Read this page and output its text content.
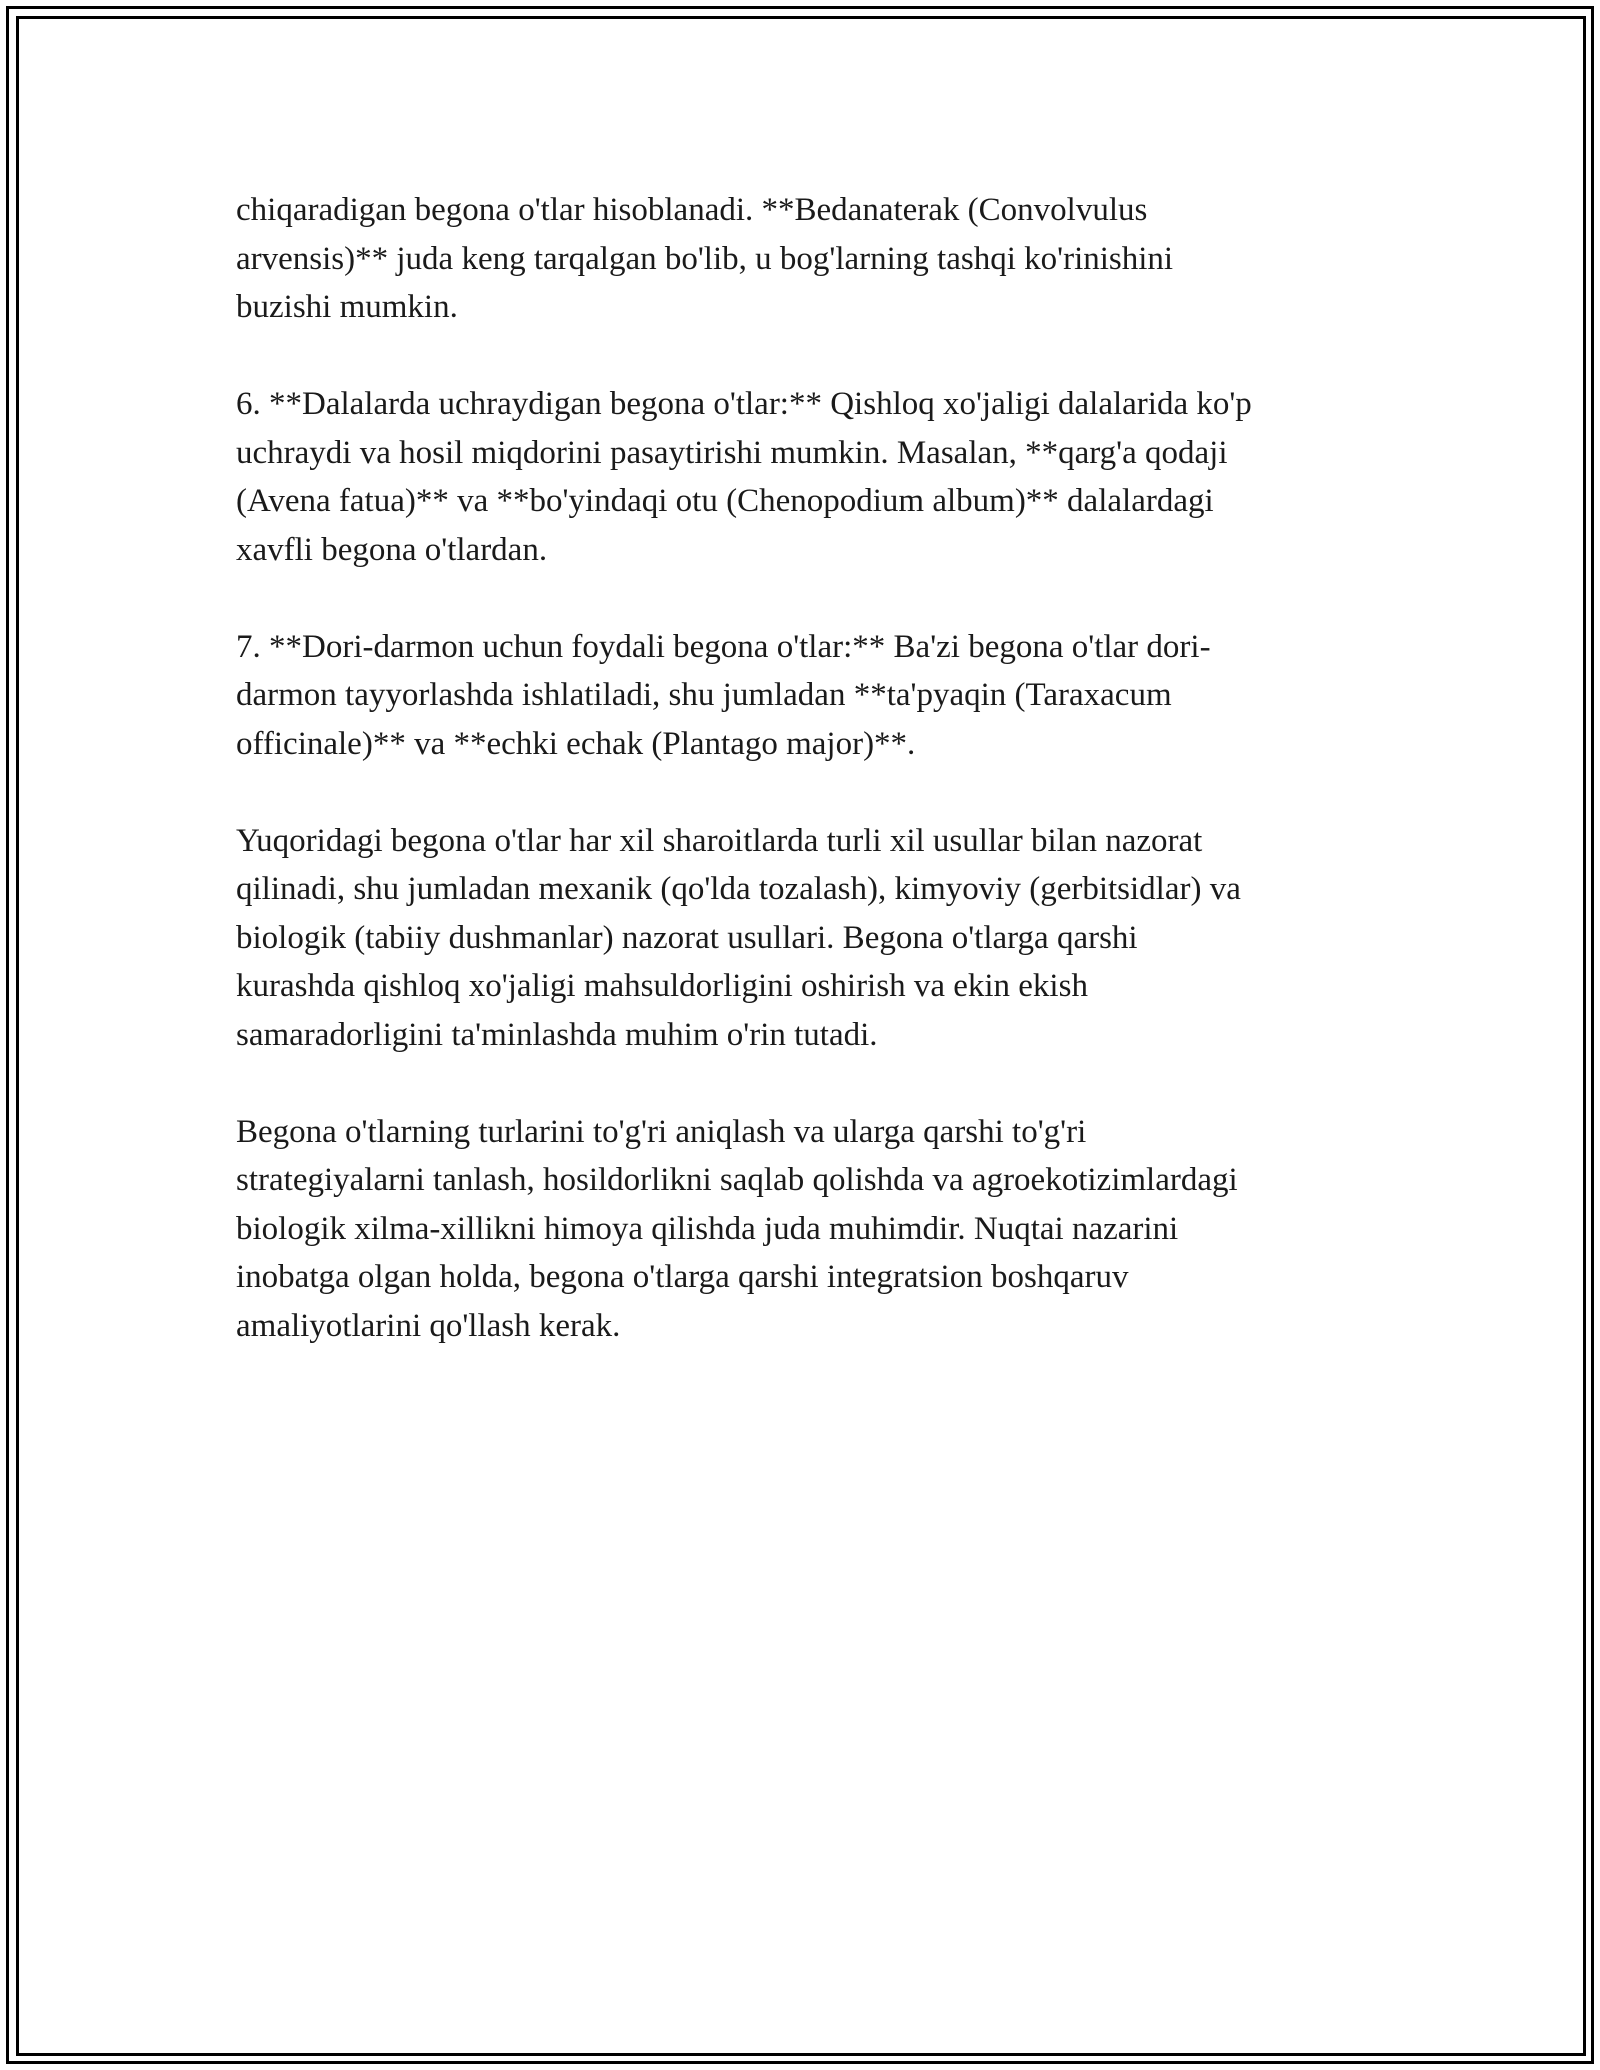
chiqaradigan begona o'tlar hisoblanadi. **Bedanaterak (Convolvulus
arvensis)** juda keng tarqalgan bo'lib, u bog'larning tashqi ko'rinishini
buzishi mumkin.

6. **Dalalarda uchraydigan begona o'tlar:** Qishloq xo'jaligi dalalarida ko'p
uchraydi va hosil miqdorini pasaytirishi mumkin. Masalan, **qarg'a qodaji
(Avena fatua)** va **bo'yindaqi otu (Chenopodium album)** dalalardagi
xavfli begona o'tlardan.

7. **Dori-darmon uchun foydali begona o'tlar:** Ba'zi begona o'tlar dori-
darmon tayyorlashda ishlatiladi, shu jumladan **ta'pyaqin (Taraxacum
officinale)** va **echki echak (Plantago major)**.

Yuqoridagi begona o'tlar har xil sharoitlarda turli xil usullar bilan nazorat
qilinadi, shu jumladan mexanik (qo'lda tozalash), kimyoviy (gerbitsidlar) va
biologik (tabiiy dushmanlar) nazorat usullari. Begona o'tlarga qarshi
kurashda qishloq xo'jaligi mahsuldorligini oshirish va ekin ekish
samaradorligini ta'minlashda muhim o'rin tutadi.

Begona o'tlarning turlarini to'g'ri aniqlash va ularga qarshi to'g'ri
strategiyalarni tanlash, hosildorlikni saqlab qolishda va agroekotizimlardagi
biologik xilma-xillikni himoya qilishda juda muhimdir. Nuqtai nazarini
inobatga olgan holda, begona o'tlarga qarshi integratsion boshqaruv
amaliyotlarini qo'llash kerak.
